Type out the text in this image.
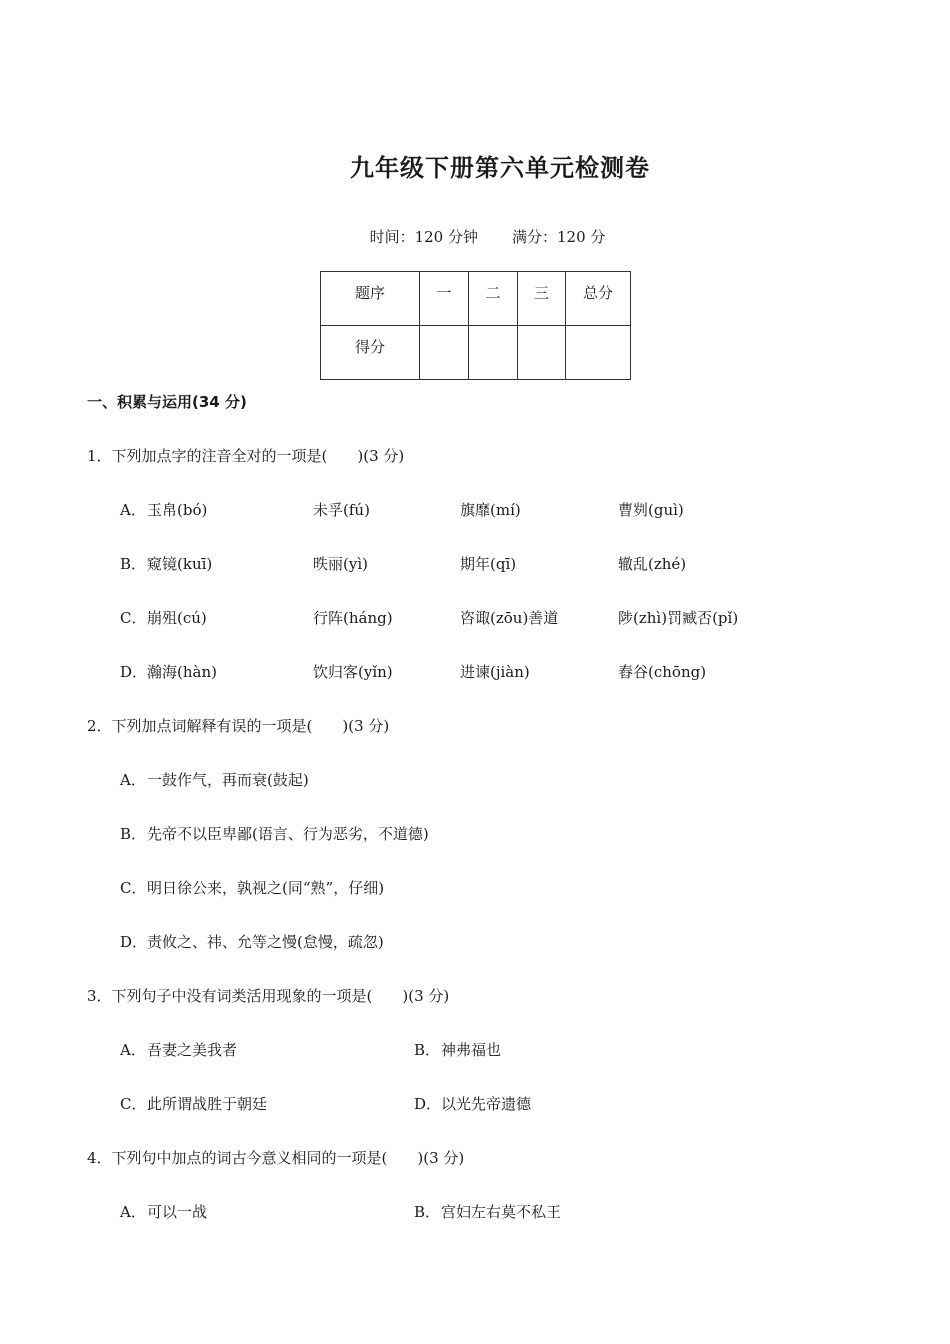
九年级下册第六单元检测卷
时间：120 分钟 满分：120 分
题序	一	二	三	总分
得分				
一、积累与运用(34 分)
1．下列加点字的注音全对的一项是(　　)(3 分)
A． 玉帛(bó)	未孚(fú)	旗靡(mí)	曹刿(guì)
B． 窥镜(kuī)	昳丽(yì)	期年(qī)	辙乱(zhé)
C． 崩殂(cú)	行阵(háng)	咨诹(zōu)善道	陟(zhì)罚臧否(pǐ)
D． 瀚海(hàn)	饮归客(yǐn)	进谏(jiàn)	舂谷(chōng)
2．下列加点词解释有误的一项是(　　)(3 分)
A． 一鼓作气，再而衰(鼓起)
B． 先帝不以臣卑鄙(语言、行为恶劣，不道德)
C． 明日徐公来，孰视之(同“熟”，仔细)
D． 责攸之、祎、允等之慢(怠慢，疏忽)
3．下列句子中没有词类活用现象的一项是(　　)(3 分)
A． 吾妻之美我者	B． 神弗福也
C． 此所谓战胜于朝廷	D． 以光先帝遗德
4．下列句中加点的词古今意义相同的一项是(　　)(3 分)
A． 可以一战	B． 宫妇左右莫不私王
